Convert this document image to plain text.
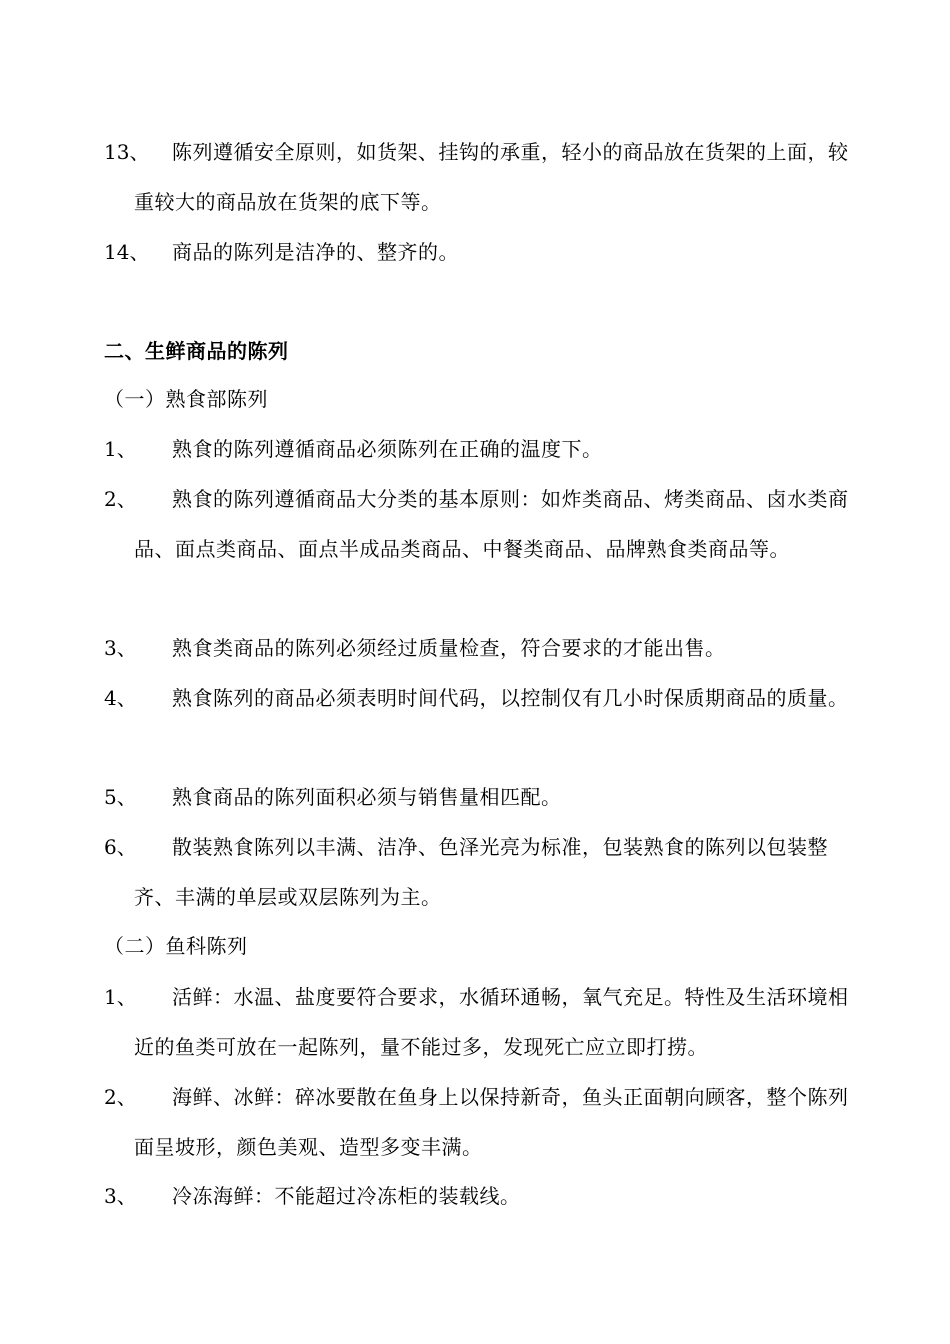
13、	陈列遵循安全原则，如货架、挂钩的承重，轻小的商品放在货架的上面，较重较大的商品放在货架的底下等。
14、	商品的陈列是洁净的、整齐的。
二、生鲜商品的陈列
（一）熟食部陈列
1、	熟食的陈列遵循商品必须陈列在正确的温度下。
2、	熟食的陈列遵循商品大分类的基本原则：如炸类商品、烤类商品、卤水类商品、面点类商品、面点半成品类商品、中餐类商品、品牌熟食类商品等。
3、	熟食类商品的陈列必须经过质量检查，符合要求的才能出售。
4、	熟食陈列的商品必须表明时间代码，以控制仅有几小时保质期商品的质量。
5、	熟食商品的陈列面积必须与销售量相匹配。
6、	散装熟食陈列以丰满、洁净、色泽光亮为标准，包装熟食的陈列以包装整齐、丰满的单层或双层陈列为主。
（二）鱼科陈列
1、	活鲜：水温、盐度要符合要求，水循环通畅，氧气充足。特性及生活环境相近的鱼类可放在一起陈列，量不能过多，发现死亡应立即打捞。
2、	海鲜、冰鲜：碎冰要散在鱼身上以保持新奇，鱼头正面朝向顾客，整个陈列面呈坡形，颜色美观、造型多变丰满。
3、	冷冻海鲜：不能超过冷冻柜的装载线。
